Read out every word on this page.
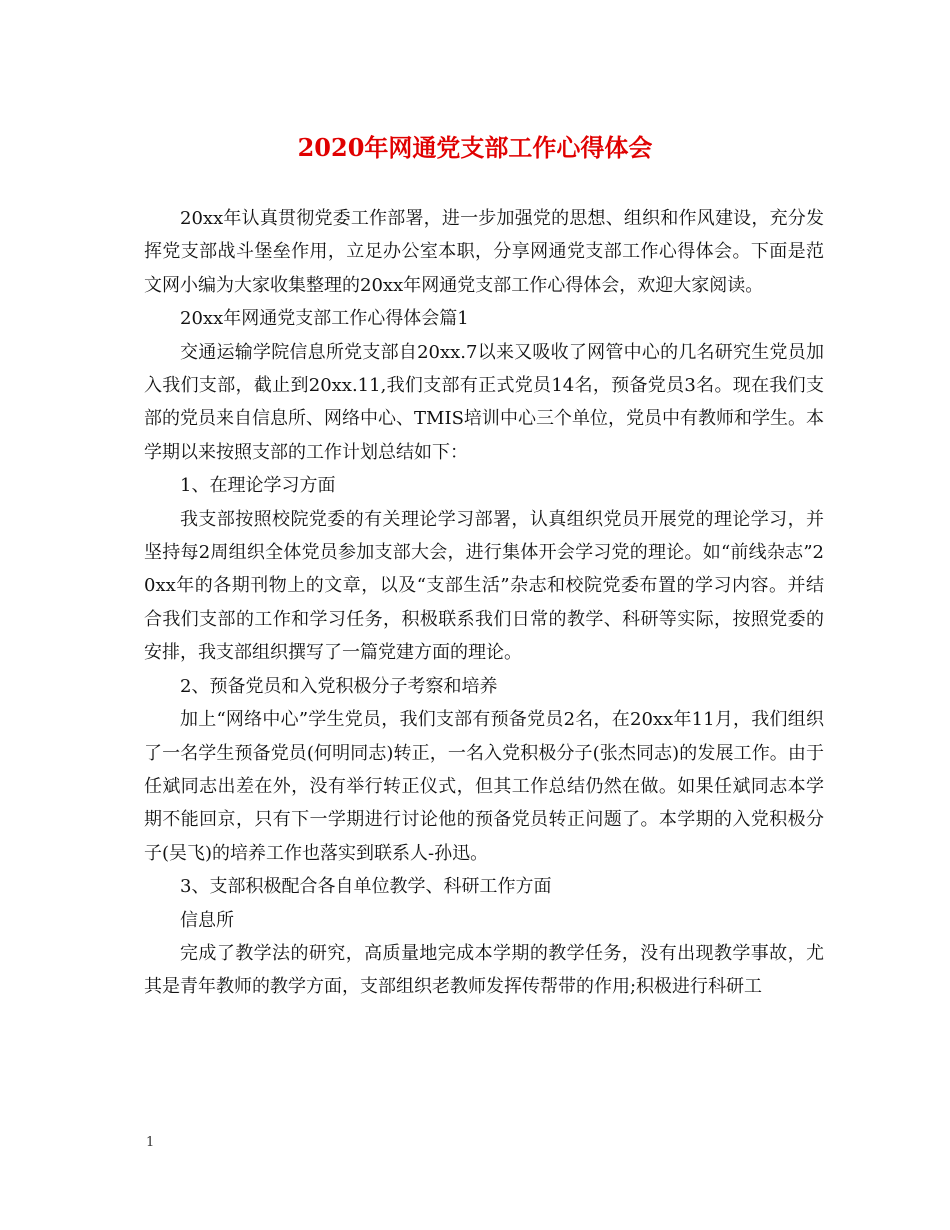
2020年网通党支部工作心得体会

20xx年认真贯彻党委工作部署，进一步加强党的思想、组织和作风建设，充分发挥党支部战斗堡垒作用，立足办公室本职，分享网通党支部工作心得体会。下面是范文网小编为大家收集整理的20xx年网通党支部工作心得体会，欢迎大家阅读。

20xx年网通党支部工作心得体会篇1

交通运输学院信息所党支部自20xx.7以来又吸收了网管中心的几名研究生党员加入我们支部，截止到20xx.11,我们支部有正式党员14名，预备党员3名。现在我们支部的党员来自信息所、网络中心、TMIS培训中心三个单位，党员中有教师和学生。本学期以来按照支部的工作计划总结如下：

1、在理论学习方面

我支部按照校院党委的有关理论学习部署，认真组织党员开展党的理论学习，并坚持每2周组织全体党员参加支部大会，进行集体开会学习党的理论。如“前线杂志”20xx年的各期刊物上的文章，以及“支部生活”杂志和校院党委布置的学习内容。并结合我们支部的工作和学习任务，积极联系我们日常的教学、科研等实际，按照党委的安排，我支部组织撰写了一篇党建方面的理论。

2、预备党员和入党积极分子考察和培养

加上“网络中心”学生党员，我们支部有预备党员2名，在20xx年11月，我们组织了一名学生预备党员(何明同志)转正，一名入党积极分子(张杰同志)的发展工作。由于任斌同志出差在外，没有举行转正仪式，但其工作总结仍然在做。如果任斌同志本学期不能回京，只有下一学期进行讨论他的预备党员转正问题了。本学期的入党积极分子(吴飞)的培养工作也落实到联系人-孙迅。

3、支部积极配合各自单位教学、科研工作方面

信息所

完成了教学法的研究，高质量地完成本学期的教学任务，没有出现教学事故，尤其是青年教师的教学方面，支部组织老教师发挥传帮带的作用;积极进行科研工

1
